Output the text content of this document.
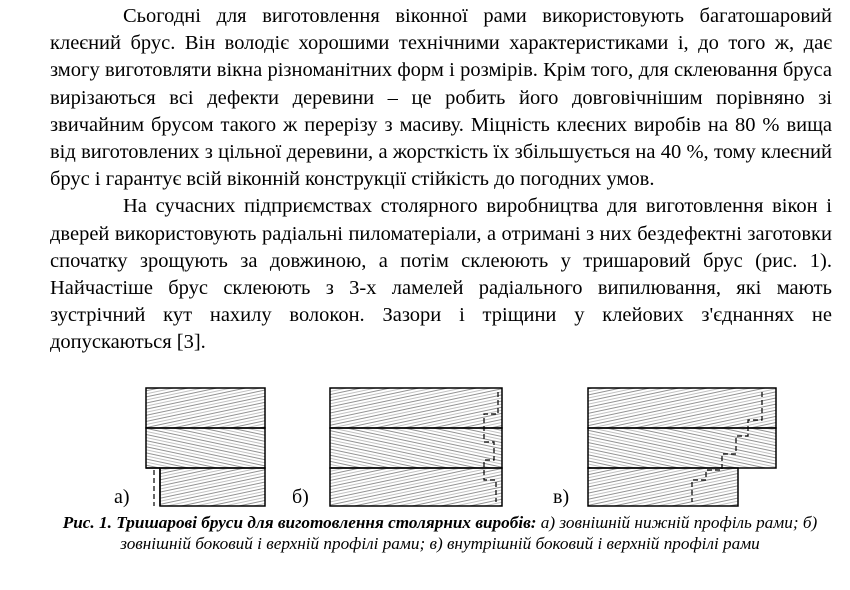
Сьогодні для виготовлення віконної рами використовують багатошаровий клеєний брус. Він володіє хорошими технічними характеристиками і, до того ж, дає змогу виготовляти вікна різноманітних форм і розмірів. Крім того, для склеювання бруса вирізаються всі дефекти деревини – це робить його довговічнішим порівняно зі звичайним брусом такого ж перерізу з масиву. Міцність клеєних виробів на 80 % вища від виготовлених з цільної деревини, а жорсткість їх збільшується на 40 %, тому клеєний брус і гарантує всій віконній конструкції стійкість до погодних умов.

На сучасних підприємствах столярного виробництва для виготовлення вікон і дверей використовують радіальні пиломатеріали, а отримані з них бездефектні заготовки спочатку зрощують за довжиною, а потім склеюють у тришаровий брус (рис. 1). Найчастіше брус склеюють з 3-х ламелей радіального випилювання, які мають зустрічний кут нахилу волокон. Зазори і тріщини у клейових з'єднаннях не допускаються [3].

а)	б)	в)
Рис. 1. Тришарові бруси для виготовлення столярних виробів: а) зовнішній нижній профіль рами; б) зовнішній боковий і верхній профілі рами; в) внутрішній боковий і верхній профілі рами
